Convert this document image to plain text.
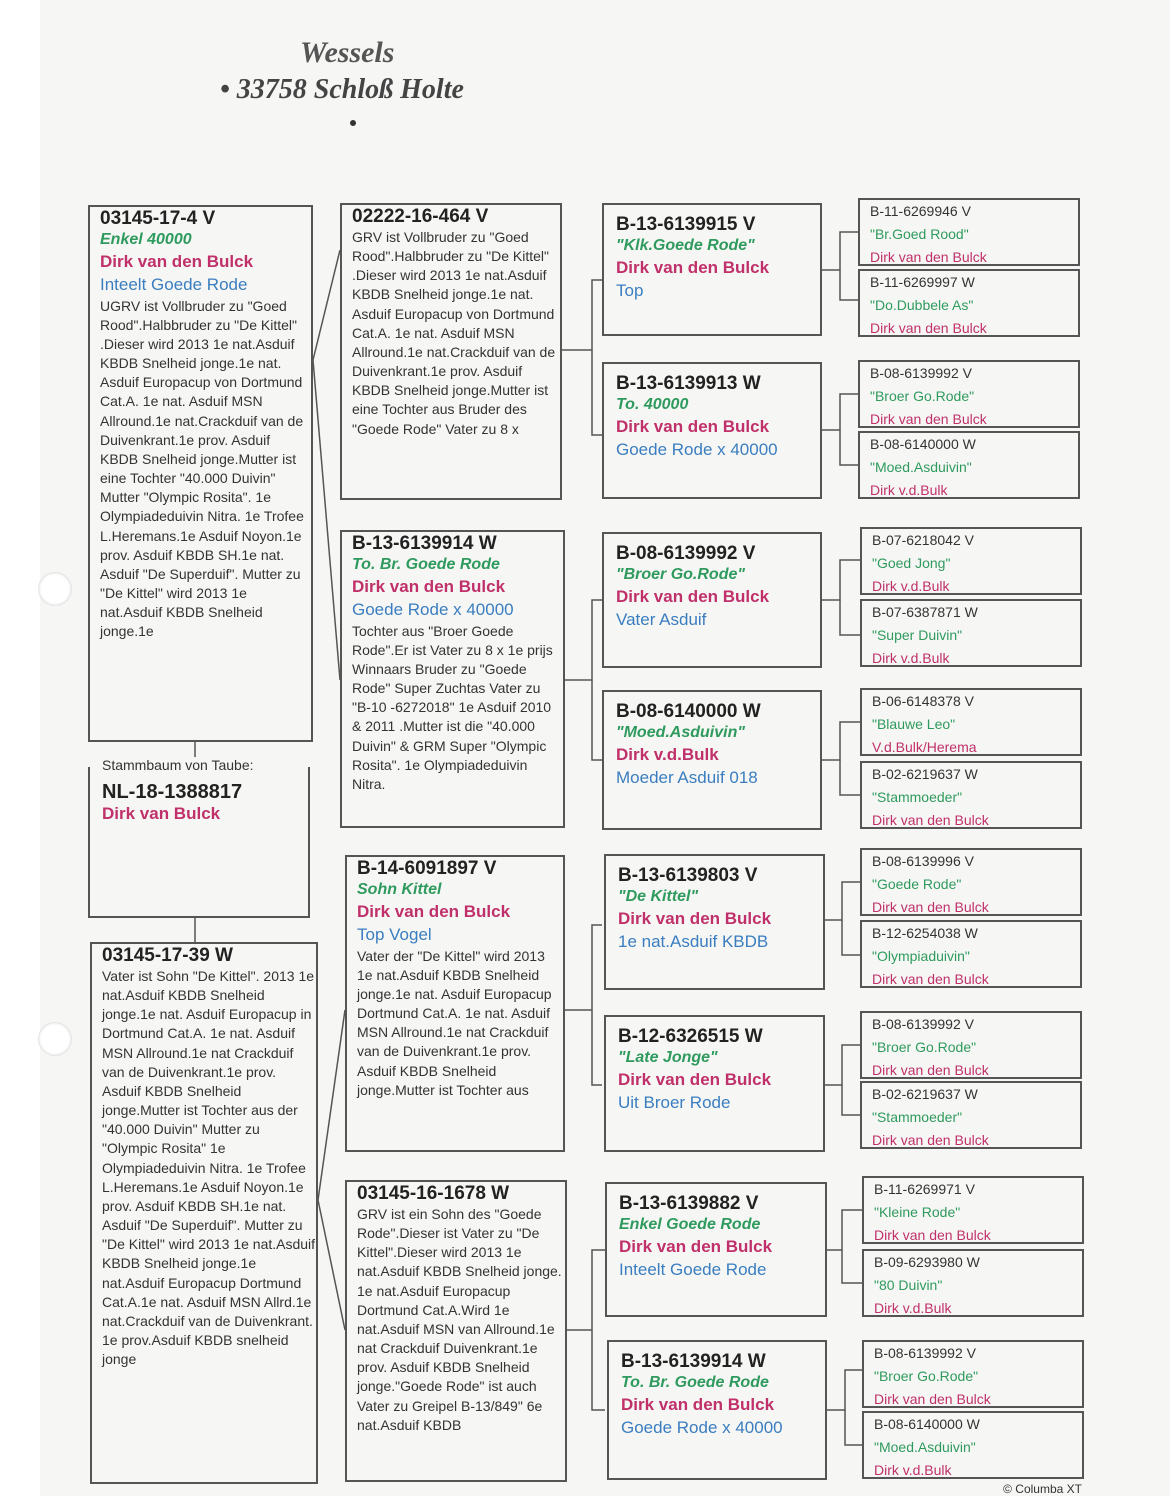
Wessels
• 33758 Schloß Holte
NL-18-1388817
Dirk van Bulck
Stammbaum von Taube:
03145-17-4 V
Enkel 40000
Dirk van den Bulck
Inteelt Goede Rode
UGRV ist Vollbruder zu "Goed Rood".Halbbruder zu "De Kittel" .Dieser wird 2013 1e nat.Asduif KBDB Snelheid jonge.1e nat. Asduif Europacup von Dortmund Cat.A. 1e nat. Asduif MSN Allround.1e nat.Crackduif van de Duivenkrant.1e prov. Asduif KBDB Snelheid jonge.Mutter ist eine Tochter "40.000 Duivin" Mutter "Olympic Rosita". 1e Olympiadeduivin Nitra. 1e Trofee L.Heremans.1e Asduif Noyon.1e prov. Asduif KBDB SH.1e nat. Asduif "De Superduif". Mutter zu "De Kittel" wird 2013 1e nat.Asduif KBDB Snelheid jonge.1e
03145-17-39 W
Vater ist Sohn "De Kittel". 2013 1e nat.Asduif KBDB Snelheid jonge.1e nat. Asduif Europacup in Dortmund Cat.A. 1e nat. Asduif MSN Allround.1e nat Crackduif van de Duivenkrant.1e prov. Asduif KBDB Snelheid jonge.Mutter ist Tochter aus der "40.000 Duivin" Mutter zu "Olympic Rosita" 1e Olympiadeduivin Nitra. 1e Trofee L.Heremans.1e Asduif Noyon.1e prov. Asduif KBDB SH.1e nat. Asduif "De Superduif". Mutter zu "De Kittel" wird 2013 1e nat.Asduif KBDB Snelheid jonge.1e nat.Asduif Europacup Dortmund Cat.A.1e nat. Asduif MSN Allrd.1e nat.Crackduif van de Duivenkrant. 1e prov.Asduif KBDB snelheid jonge
02222-16-464 V
GRV ist Vollbruder zu "Goed Rood".Halbbruder zu "De Kittel" .Dieser wird 2013 1e nat.Asduif KBDB Snelheid jonge.1e nat. Asduif Europacup von Dortmund Cat.A. 1e nat. Asduif MSN Allround.1e nat.Crackduif van de Duivenkrant.1e prov. Asduif KBDB Snelheid jonge.Mutter ist eine Tochter aus Bruder des "Goede Rode" Vater zu 8 x
B-13-6139914 W
To. Br. Goede Rode
Dirk van den Bulck
Goede Rode x 40000
Tochter aus "Broer Goede Rode".Er ist Vater zu 8 x 1e prijs Winnaars Bruder zu "Goede Rode" Super Zuchtas Vater zu "B-10 -6272018" 1e Asduif 2010 & 2011 .Mutter ist die "40.000 Duivin" & GRM Super "Olympic Rosita". 1e Olympiadeduivin Nitra.
B-14-6091897 V
Sohn Kittel
Dirk van den Bulck
Top Vogel
Vater der "De Kittel" wird 2013 1e nat.Asduif KBDB Snelheid jonge.1e nat. Asduif Europacup Dortmund Cat.A. 1e nat. Asduif MSN Allround.1e nat Crackduif van de Duivenkrant.1e prov. Asduif KBDB Snelheid jonge.Mutter ist Tochter aus
03145-16-1678 W
GRV ist ein Sohn des "Goede Rode".Dieser ist Vater zu "De Kittel".Dieser wird 2013 1e nat.Asduif KBDB Snelheid jonge. 1e nat.Asduif Europacup Dortmund Cat.A.Wird 1e nat.Asduif MSN van Allround.1e nat Crackduif Duivenkrant.1e prov. Asduif KBDB Snelheid jonge."Goede Rode" ist auch Vater zu Greipel B-13/849" 6e nat.Asduif KBDB
B-13-6139915 V
"Klk.Goede Rode"
Dirk van den Bulck
Top
B-13-6139913 W
To. 40000
Dirk van den Bulck
Goede Rode x 40000
B-08-6139992 V
"Broer Go.Rode"
Dirk van den Bulck
Vater Asduif
B-08-6140000 W
"Moed.Asduivin"
Dirk v.d.Bulk
Moeder Asduif 018
B-13-6139803 V
"De Kittel"
Dirk van den Bulck
1e nat.Asduif KBDB
B-12-6326515 W
"Late Jonge"
Dirk van den Bulck
Uit Broer Rode
B-13-6139882 V
Enkel Goede Rode
Dirk van den Bulck
Inteelt Goede Rode
B-13-6139914 W
To. Br. Goede Rode
Dirk van den Bulck
Goede Rode x 40000
B-11-6269946 V
"Br.Goed Rood"
Dirk van den Bulck
B-11-6269997 W
"Do.Dubbele As"
Dirk van den Bulck
B-08-6139992 V
"Broer Go.Rode"
Dirk van den Bulck
B-08-6140000 W
"Moed.Asduivin"
Dirk v.d.Bulk
B-07-6218042 V
"Goed Jong"
Dirk v.d.Bulk
B-07-6387871 W
"Super Duivin"
Dirk v.d.Bulk
B-06-6148378 V
"Blauwe Leo"
V.d.Bulk/Herema
B-02-6219637 W
"Stammoeder"
Dirk van den Bulck
B-08-6139996 V
"Goede Rode"
Dirk van den Bulck
B-12-6254038 W
"Olympiaduivin"
Dirk van den Bulck
B-08-6139992 V
"Broer Go.Rode"
Dirk van den Bulck
B-02-6219637 W
"Stammoeder"
Dirk van den Bulck
B-11-6269971 V
"Kleine Rode"
Dirk van den Bulck
B-09-6293980 W
"80 Duivin"
Dirk v.d.Bulk
B-08-6139992 V
"Broer Go.Rode"
Dirk van den Bulck
B-08-6140000 W
"Moed.Asduivin"
Dirk v.d.Bulk
© Columba XT
